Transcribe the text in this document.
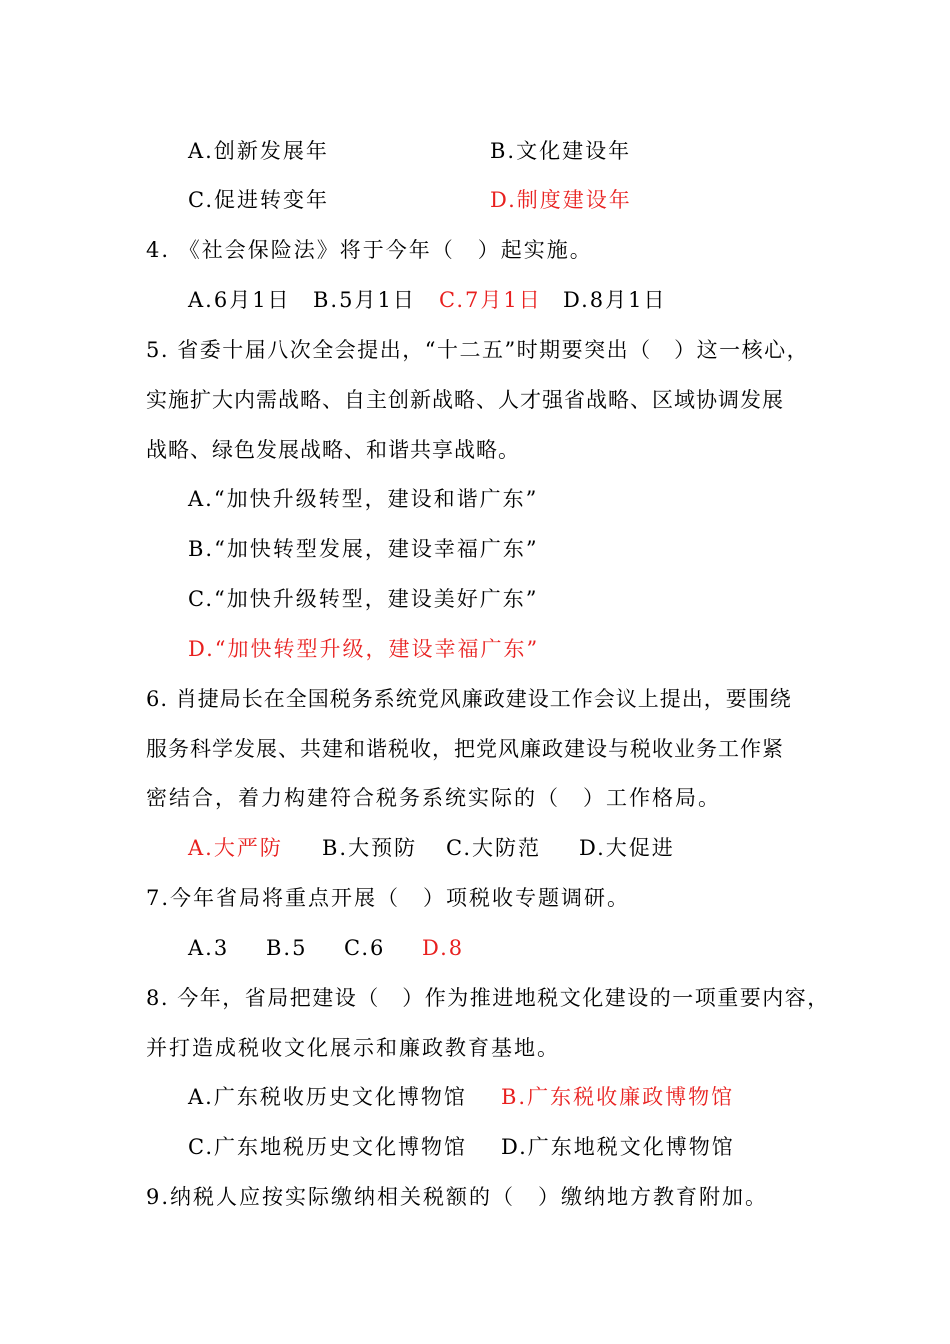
A.创新发展年	B.文化建设年
C.促进转变年	D.制度建设年
4. 《社会保险法》将于今年（　）起实施。
A.6月1日 B.5月1日 C.7月1日 D.8月1日
5. 省委十届八次全会提出，“十二五”时期要突出（　）这一核心，
实施扩大内需战略、自主创新战略、人才强省战略、区域协调发展
战略、绿色发展战略、和谐共享战略。
A.“加快升级转型，建设和谐广东”
B.“加快转型发展，建设幸福广东”
C.“加快升级转型，建设美好广东”
D.“加快转型升级，建设幸福广东”
6. 肖捷局长在全国税务系统党风廉政建设工作会议上提出，要围绕
服务科学发展、共建和谐税收，把党风廉政建设与税收业务工作紧
密结合，着力构建符合税务系统实际的（　）工作格局。
A.大严防 B.大预防 C.大防范 D.大促进
7.今年省局将重点开展（　）项税收专题调研。
A.3 B.5 C.6 D.8
8. 今年，省局把建设（　）作为推进地税文化建设的一项重要内容，
并打造成税收文化展示和廉政教育基地。
A.广东税收历史文化博物馆 B.广东税收廉政博物馆
C.广东地税历史文化博物馆 D.广东地税文化博物馆
9.纳税人应按实际缴纳相关税额的（　）缴纳地方教育附加。
